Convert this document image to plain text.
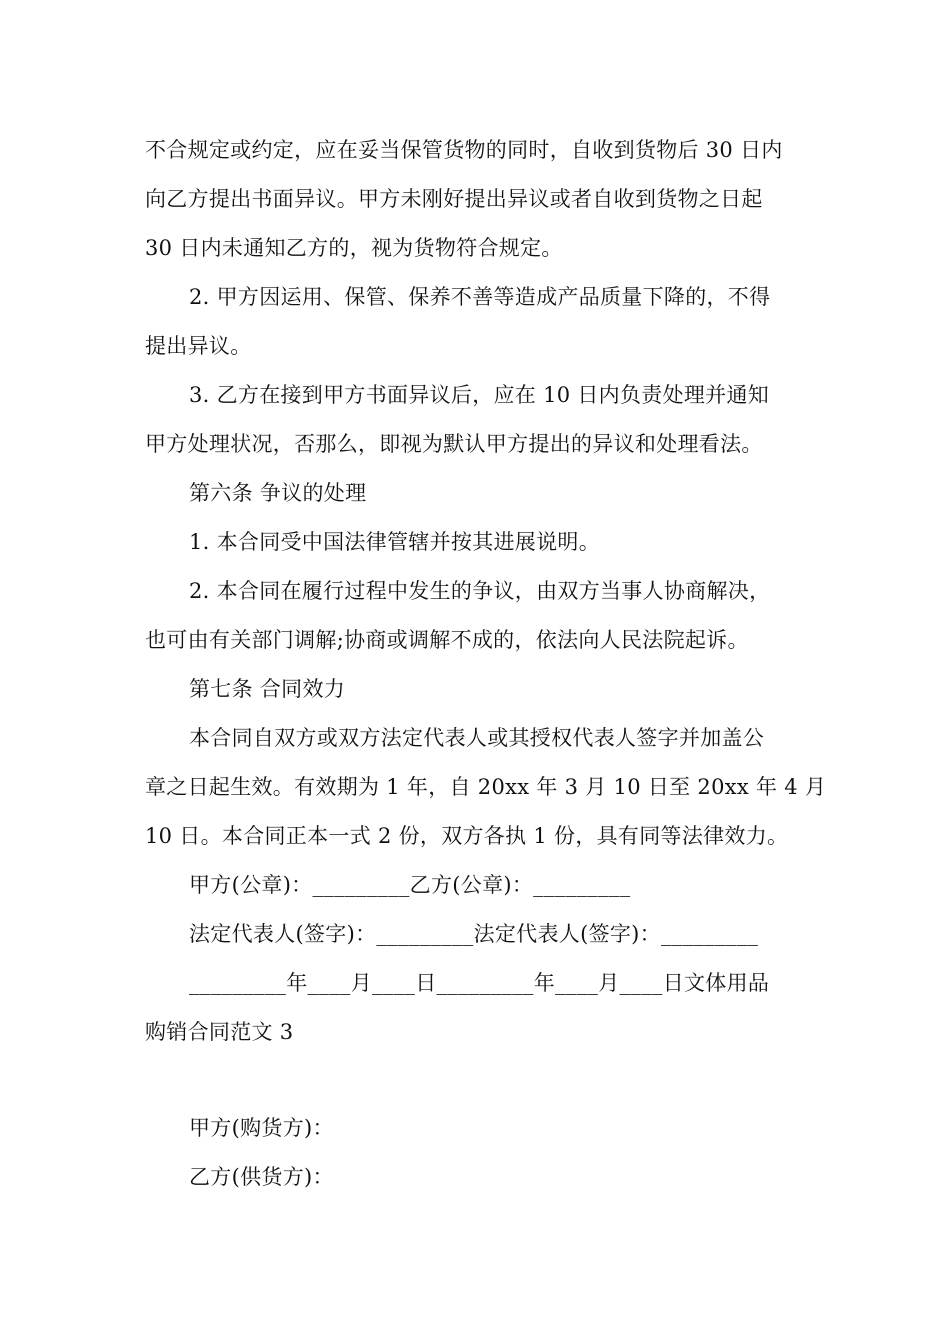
不合规定或约定，应在妥当保管货物的同时，自收到货物后 30 日内
向乙方提出书面异议。甲方未刚好提出异议或者自收到货物之日起
30 日内未通知乙方的，视为货物符合规定。
2. 甲方因运用、保管、保养不善等造成产品质量下降的，不得
提出异议。
3. 乙方在接到甲方书面异议后，应在 10 日内负责处理并通知
甲方处理状况，否那么，即视为默认甲方提出的异议和处理看法。
第六条 争议的处理
1. 本合同受中国法律管辖并按其进展说明。
2. 本合同在履行过程中发生的争议，由双方当事人协商解决，
也可由有关部门调解;协商或调解不成的，依法向人民法院起诉。
第七条 合同效力
本合同自双方或双方法定代表人或其授权代表人签字并加盖公
章之日起生效。有效期为 1 年，自 20xx 年 3 月 10 日至 20xx 年 4 月
10 日。本合同正本一式 2 份，双方各执 1 份，具有同等法律效力。
甲方(公章)：_________乙方(公章)：_________
法定代表人(签字)：_________法定代表人(签字)：_________
_________年____月____日_________年____月____日文体用品
购销合同范文 3
甲方(购货方)：
乙方(供货方)：
